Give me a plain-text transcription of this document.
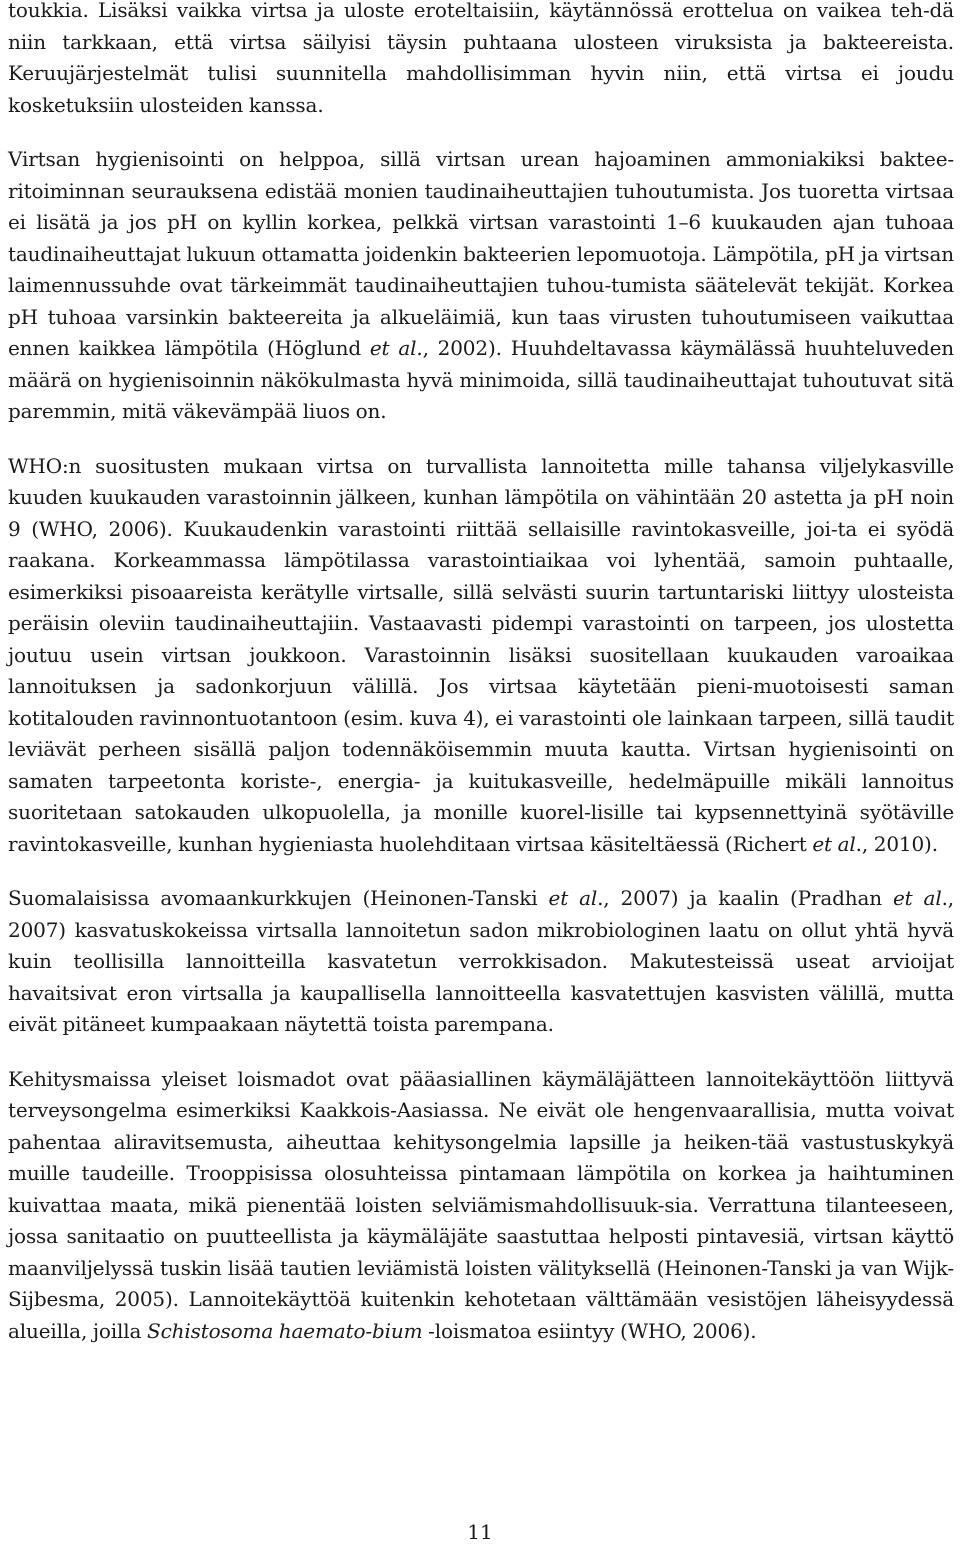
toukkia. Lisäksi vaikka virtsa ja uloste eroteltaisiin, käytännössä erottelua on vaikea teh-dä niin tarkkaan, että virtsa säilyisi täysin puhtaana ulosteen viruksista ja bakteereista. Keruujärjestelmät tulisi suunnitella mahdollisimman hyvin niin, että virtsa ei joudu kosketuksiin ulosteiden kanssa.

Virtsan hygienisointi on helppoa, sillä virtsan urean hajoaminen ammoniakiksi baktee-ritoiminnan seurauksena edistää monien taudinaiheuttajien tuhoutumista. Jos tuoretta virtsaa ei lisätä ja jos pH on kyllin korkea, pelkkä virtsan varastointi 1–6 kuukauden ajan tuhoaa taudinaiheuttajat lukuun ottamatta joidenkin bakteerien lepomuotoja. Lämpötila, pH ja virtsan laimennussuhde ovat tärkeimmät taudinaiheuttajien tuhou-tumista säätelevät tekijät. Korkea pH tuhoaa varsinkin bakteereita ja alkueläimiä, kun taas virusten tuhoutumiseen vaikuttaa ennen kaikkea lämpötila (Höglund et al., 2002). Huuhdeltavassa käymälässä huuhteluveden määrä on hygienisoinnin näkökulmasta hyvä minimoida, sillä taudinaiheuttajat tuhoutuvat sitä paremmin, mitä väkevämpää liuos on.

WHO:n suositusten mukaan virtsa on turvallista lannoitetta mille tahansa viljelykasville kuuden kuukauden varastoinnin jälkeen, kunhan lämpötila on vähintään 20 astetta ja pH noin 9 (WHO, 2006). Kuukaudenkin varastointi riittää sellaisille ravintokasveille, joi-ta ei syödä raakana. Korkeammassa lämpötilassa varastointiaikaa voi lyhentää, samoin puhtaalle, esimerkiksi pisoaareista kerätylle virtsalle, sillä selvästi suurin tartuntariski liittyy ulosteista peräisin oleviin taudinaiheuttajiin. Vastaavasti pidempi varastointi on tarpeen, jos ulostetta joutuu usein virtsan joukkoon. Varastoinnin lisäksi suositellaan kuukauden varoaikaa lannoituksen ja sadonkorjuun välillä. Jos virtsaa käytetään pieni-muotoisesti saman kotitalouden ravinnontuotantoon (esim. kuva 4), ei varastointi ole lainkaan tarpeen, sillä taudit leviävät perheen sisällä paljon todennäköisemmin muuta kautta. Virtsan hygienisointi on samaten tarpeetonta koriste-, energia- ja kuitukasveille, hedelmäpuille mikäli lannoitus suoritetaan satokauden ulkopuolella, ja monille kuorel-lisille tai kypsennettyinä syötäville ravintokasveille, kunhan hygieniasta huolehditaan virtsaa käsiteltäessä (Richert et al., 2010).

Suomalaisissa avomaankurkkujen (Heinonen-Tanski et al., 2007) ja kaalin (Pradhan et al., 2007) kasvatuskokeissa virtsalla lannoitetun sadon mikrobiologinen laatu on ollut yhtä hyvä kuin teollisilla lannoitteilla kasvatetun verrokkisadon. Makutesteissä useat arvioijat havaitsivat eron virtsalla ja kaupallisella lannoitteella kasvatettujen kasvisten välillä, mutta eivät pitäneet kumpaakaan näytettä toista parempana.

Kehitysmaissa yleiset loismadot ovat pääasiallinen käymäläjätteen lannoitekäyttöön liittyvä terveysongelma esimerkiksi Kaakkois-Aasiassa. Ne eivät ole hengenvaarallisia, mutta voivat pahentaa aliravitsemusta, aiheuttaa kehitysongelmia lapsille ja heiken-tää vastustuskykyä muille taudeille. Trooppisissa olosuhteissa pintamaan lämpötila on korkea ja haihtuminen kuivattaa maata, mikä pienentää loisten selviämismahdollisuuk-sia. Verrattuna tilanteeseen, jossa sanitaatio on puutteellista ja käymäläjäte saastuttaa helposti pintavesiä, virtsan käyttö maanviljelyssä tuskin lisää tautien leviämistä loisten välityksellä (Heinonen-Tanski ja van Wijk-Sijbesma, 2005). Lannoitekäyttöä kuitenkin kehotetaan välttämään vesistöjen läheisyydessä alueilla, joilla Schistosoma haemato-bium -loismatoa esiintyy (WHO, 2006).

11
